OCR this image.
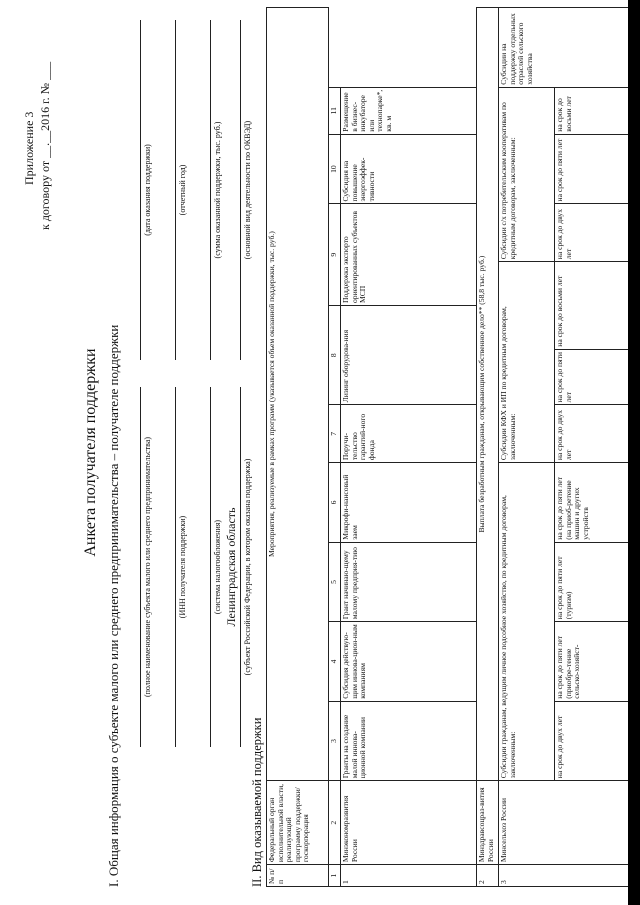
Приложение 3 к договору от __.__2016 г. № ___
Анкета получателя поддержки I. Общая информация о субъекте малого или среднего предпринимательства – получателе поддержки	(полное наименование субъекта малого или среднего предпринимательства)	(ИНН получателя поддержки)	(система налогообложения) Ленинградская область (субъект Российской Федерации, в котором оказана поддержка)
(дата оказания поддержки)	(отчетный год)	(сумма оказанной поддержки, тыс. руб.)	(основной вид деятельности по ОКВЭД)
II. Вид оказываемой поддержки № п/п	Федеральный орган исполнительной власти, реализующий программу поддержки/ госкорпорация	Мероприятия, реализуемые в рамках программ (указывается объем оказанной поддержки, тыс. руб.)											

1	2	3	4	5	6	7	8		9		10	11	
1	Минэкономразвития России	Гранты на создание малой иннова-ционной компании	Субсидия действую-щим иннова-цион-ным компаниям	Грант начинаю-щему малому предприя-тию	Микрофи-нансовый заем	Поручи-тельство гарантий-ного фонда	Лизинг оборудова-ния		Поддержка экспорто ориентированных субъектов МСП		Субсидия на повышение энергоэффек-тивности	Размещение в бизнес-инкубаторе или технопарке*, кв. м	
2	Минздравсоцраз-вития России	Выплата безработным гражданам, открывающим собственное дело** (58,8 тыс. руб.)											
3	Минсельхоз России	Субсидии гражданам, ведущим личное подсобное хозяйство, по кредитным договорам, заключенным:				Субсидии КФХ и ИП по кредитным договорам, заключенным:				Субсидии с/х потребительским кооперативам по кредитным договорам, заключенным:			Субсидии на поддержку отдельных отраслей сельского хозяйства
		на срок до двух лет	на срок до пяти лет (приобре-тение сельско-хозяйст-	на срок до пяти лет (туризм)	на срок до пяти лет (на приоб-ретение машин и других устройств	на срок до двух лет	на срок до пяти лет	на срок до восьми лет		на срок до двух лет	на срок до пяти лет	на срок до восьми лет	
